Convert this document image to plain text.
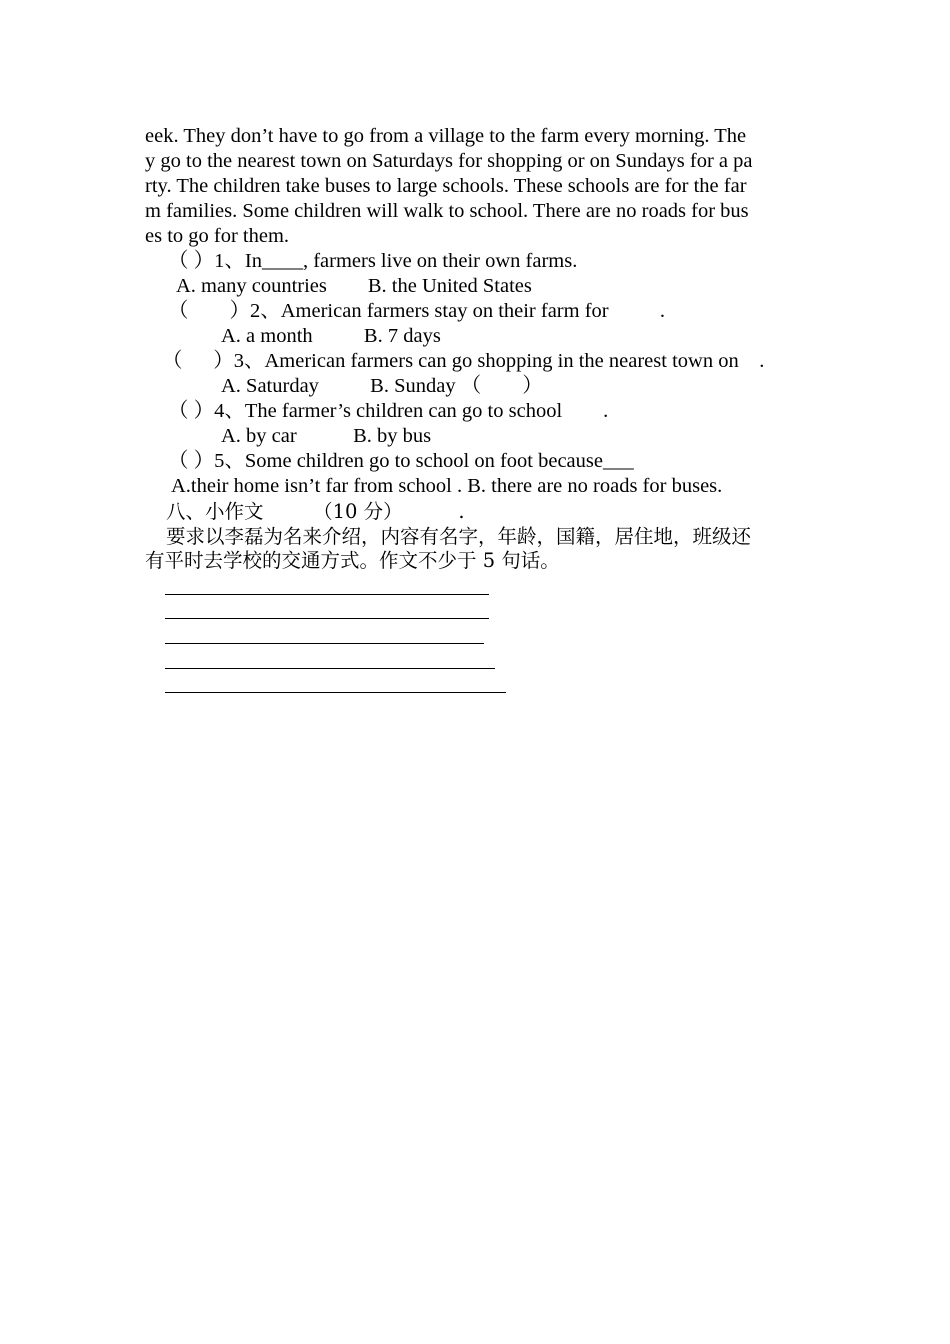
eek. They don’t have to go from a village to the farm every morning. The
y go to the nearest town on Saturdays for shopping or on Sundays for a pa
rty. The children take buses to large schools. These schools are for the far
m families. Some children will walk to school. There are no roads for bus
es to go for them.
（ ）1、In____, farmers live on their own farms.
A. many countries        B. the United States
（        ）2、American farmers stay on their farm for          .
A. a month          B. 7 days
（      ）3、American farmers can go shopping in the nearest town on    .
A. Saturday          B. Sunday （        ）
（ ）4、The farmer’s children can go to school        .
A. by car           B. by bus
（ ）5、Some children go to school on foot because___
A.their home isn’t far from school . B. there are no roads for buses.
八、小作文        （10 分）         .
要求以李磊为名来介绍，内容有名字，年龄，国籍，居住地，班级还
有平时去学校的交通方式。作文不少于 5 句话。
